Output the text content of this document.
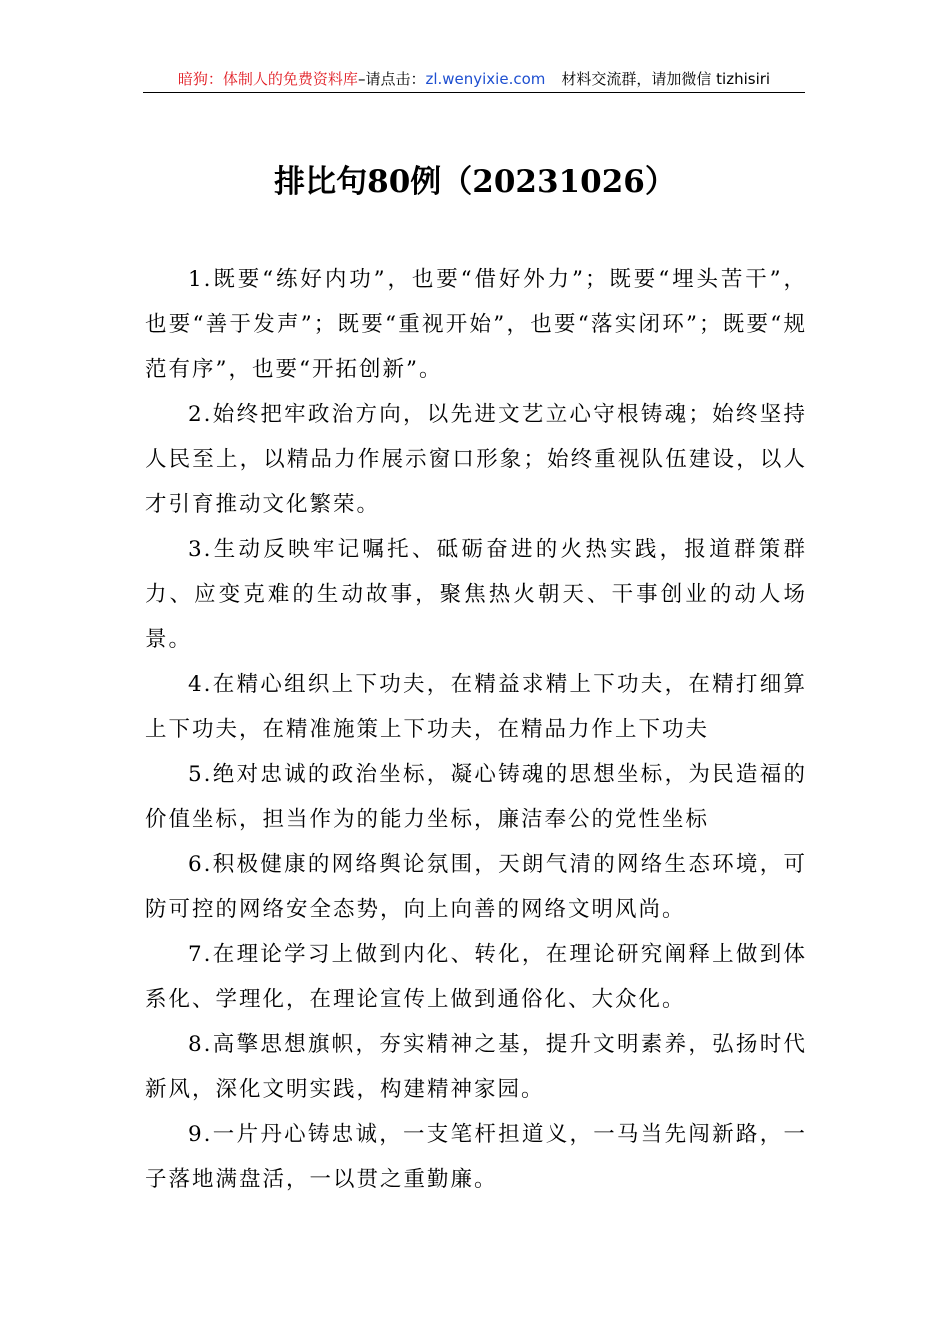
暗狗：体制人的免费资料库–请点击：zl.wenyixie.com 材料交流群，请加微信 tizhisiri
排比句80例（20231026）

1.既要“练好内功”，也要“借好外力”；既要“埋头苦干”，也要“善于发声”；既要“重视开始”，也要“落实闭环”；既要“规范有序”，也要“开拓创新”。

2.始终把牢政治方向，以先进文艺立心守根铸魂；始终坚持人民至上，以精品力作展示窗口形象；始终重视队伍建设，以人才引育推动文化繁荣。

3.生动反映牢记嘱托、砥砺奋进的火热实践，报道群策群力、应变克难的生动故事，聚焦热火朝天、干事创业的动人场景。

4.在精心组织上下功夫，在精益求精上下功夫，在精打细算上下功夫，在精准施策上下功夫，在精品力作上下功夫

5.绝对忠诚的政治坐标，凝心铸魂的思想坐标，为民造福的价值坐标，担当作为的能力坐标，廉洁奉公的党性坐标

6.积极健康的网络舆论氛围，天朗气清的网络生态环境，可防可控的网络安全态势，向上向善的网络文明风尚。

7.在理论学习上做到内化、转化，在理论研究阐释上做到体系化、学理化，在理论宣传上做到通俗化、大众化。

8.高擎思想旗帜，夯实精神之基，提升文明素养，弘扬时代新风，深化文明实践，构建精神家园。

9.一片丹心铸忠诚，一支笔杆担道义，一马当先闯新路，一子落地满盘活，一以贯之重勤廉。
